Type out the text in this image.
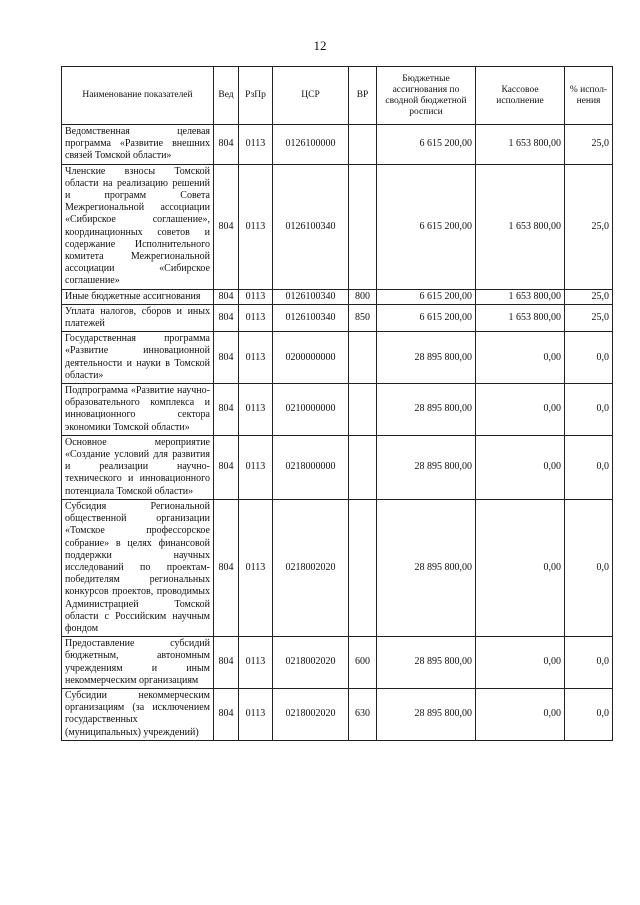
12
Наименование показателей	Вед	РзПр	ЦСР	ВР	Бюджетные ассигнования по сводной бюджетной росписи	Кассовое исполнение	% испол-нения
Ведомственная целевая программа «Развитие внешних связей Томской области»	804	0113	0126100000		6 615 200,00	1 653 800,00	25,0
Членские взносы Томской области на реализацию решений и программ Совета Межрегиональной ассоциации «Сибирское соглашение», координационных советов и содержание Исполнительного комитета Межрегиональной ассоциации «Сибирское соглашение»	804	0113	0126100340		6 615 200,00	1 653 800,00	25,0
Иные бюджетные ассигнования	804	0113	0126100340	800	6 615 200,00	1 653 800,00	25,0
Уплата налогов, сборов и иных платежей	804	0113	0126100340	850	6 615 200,00	1 653 800,00	25,0
Государственная программа «Развитие инновационной деятельности и науки в Томской области»	804	0113	0200000000		28 895 800,00	0,00	0,0
Подпрограмма «Развитие научно-образовательного комплекса и инновационного сектора экономики Томской области»	804	0113	0210000000		28 895 800,00	0,00	0,0
Основное мероприятие «Создание условий для развития и реализации научно-технического и инновационного потенциала Томской области»	804	0113	0218000000		28 895 800,00	0,00	0,0
Субсидия Региональной общественной организации «Томское профессорское собрание» в целях финансовой поддержки научных исследований по проектам-победителям региональных конкурсов проектов, проводимых Администрацией Томской области с Российским научным фондом	804	0113	0218002020		28 895 800,00	0,00	0,0
Предоставление субсидий бюджетным, автономным учреждениям и иным некоммерческим организациям	804	0113	0218002020	600	28 895 800,00	0,00	0,0
Субсидии некоммерческим организациям (за исключением государственных (муниципальных) учреждений)	804	0113	0218002020	630	28 895 800,00	0,00	0,0
